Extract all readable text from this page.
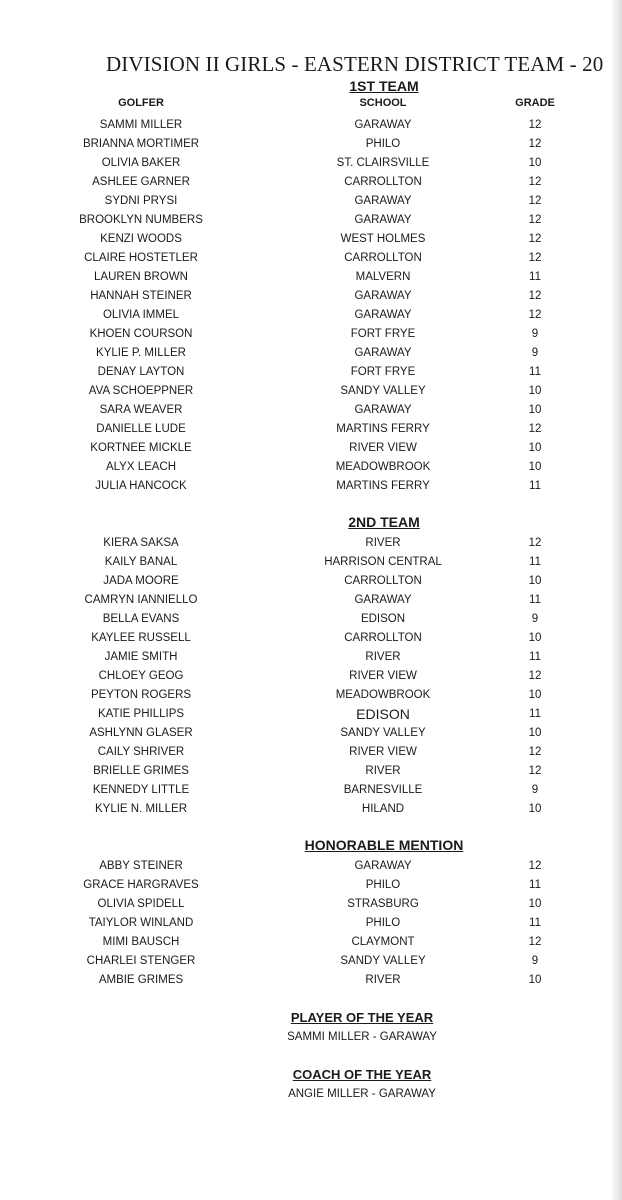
DIVISION II GIRLS - EASTERN DISTRICT TEAM - 20
1ST TEAM
GOLFER	SCHOOL	GRADE
SAMMI MILLER	GARAWAY	12
BRIANNA MORTIMER	PHILO	12
OLIVIA BAKER	ST. CLAIRSVILLE	10
ASHLEE GARNER	CARROLLTON	12
SYDNI PRYSI	GARAWAY	12
BROOKLYN NUMBERS	GARAWAY	12
KENZI WOODS	WEST HOLMES	12
CLAIRE HOSTETLER	CARROLLTON	12
LAUREN BROWN	MALVERN	11
HANNAH STEINER	GARAWAY	12
OLIVIA IMMEL	GARAWAY	12
KHOEN COURSON	FORT FRYE	9
KYLIE P. MILLER	GARAWAY	9
DENAY LAYTON	FORT FRYE	11
AVA SCHOEPPNER	SANDY VALLEY	10
SARA WEAVER	GARAWAY	10
DANIELLE LUDE	MARTINS FERRY	12
KORTNEE MICKLE	RIVER VIEW	10
ALYX LEACH	MEADOWBROOK	10
JULIA HANCOCK	MARTINS FERRY	11
2ND TEAM
KIERA SAKSA	RIVER	12
KAILY BANAL	HARRISON CENTRAL	11
JADA MOORE	CARROLLTON	10
CAMRYN IANNIELLO	GARAWAY	11
BELLA EVANS	EDISON	9
KAYLEE RUSSELL	CARROLLTON	10
JAMIE SMITH	RIVER	11
CHLOEY GEOG	RIVER VIEW	12
PEYTON ROGERS	MEADOWBROOK	10
KATIE PHILLIPS	EDISON	11
ASHLYNN GLASER	SANDY VALLEY	10
CAILY SHRIVER	RIVER VIEW	12
BRIELLE GRIMES	RIVER	12
KENNEDY LITTLE	BARNESVILLE	9
KYLIE N. MILLER	HILAND	10
HONORABLE MENTION
ABBY STEINER	GARAWAY	12
GRACE HARGRAVES	PHILO	11
OLIVIA SPIDELL	STRASBURG	10
TAIYLOR WINLAND	PHILO	11
MIMI BAUSCH	CLAYMONT	12
CHARLEI STENGER	SANDY VALLEY	9
AMBIE GRIMES	RIVER	10
PLAYER OF THE YEAR
SAMMI MILLER - GARAWAY
COACH OF THE YEAR
ANGIE MILLER - GARAWAY
